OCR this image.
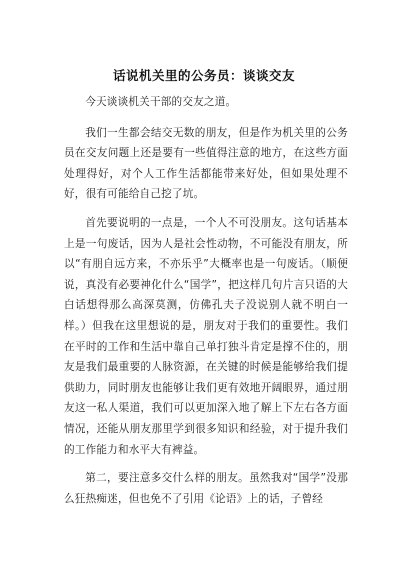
话说机关里的公务员：谈谈交友

今天谈谈机关干部的交友之道。

我们一生都会结交无数的朋友，但是作为机关里的公务员在交友问题上还是要有一些值得注意的地方，在这些方面处理得好，对个人工作生活都能带来好处，但如果处理不好，很有可能给自己挖了坑。

首先要说明的一点是，一个人不可没朋友。这句话基本上是一句废话，因为人是社会性动物，不可能没有朋友，所以“有朋自远方来，不亦乐乎”大概率也是一句废话。（顺便说，真没有必要神化什么“国学”，把这样几句片言只语的大白话想得那么高深莫测，仿佛孔夫子没说别人就不明白一样。）但我在这里想说的是，朋友对于我们的重要性。我们在平时的工作和生活中靠自己单打独斗肯定是撑不住的，朋友是我们最重要的人脉资源，在关键的时候是能够给我们提供助力，同时朋友也能够让我们更有效地开阔眼界，通过朋友这一私人渠道，我们可以更加深入地了解上下左右各方面情况，还能从朋友那里学到很多知识和经验，对于提升我们的工作能力和水平大有裨益。

第二，要注意多交什么样的朋友。虽然我对“国学”没那么狂热痴迷，但也免不了引用《论语》上的话，子曾经
